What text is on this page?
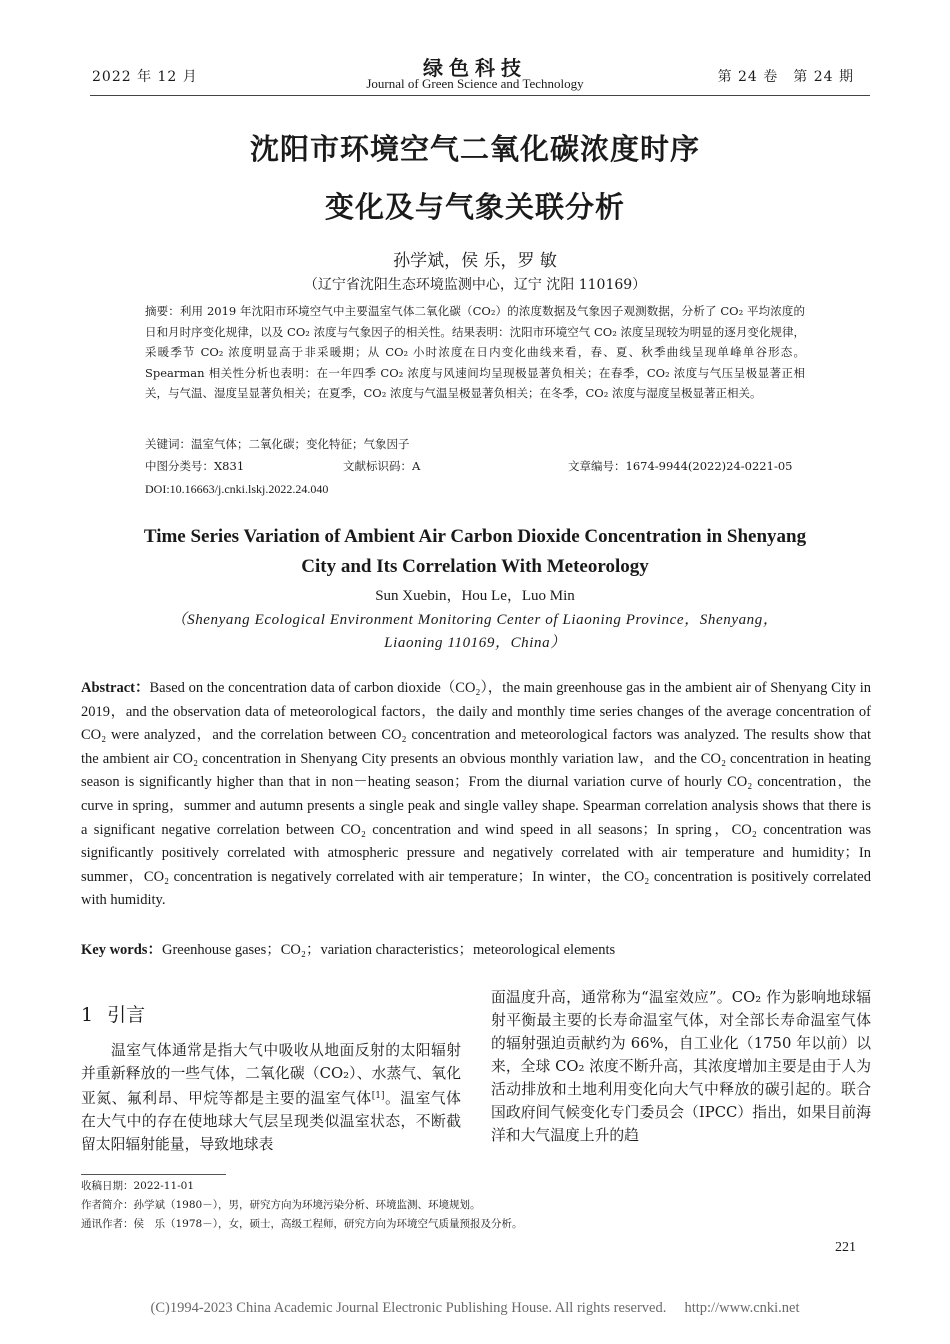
2022 年 12 月	绿色科技
Journal of Green Science and Technology	第 24 卷　第 24 期
沈阳市环境空气二氧化碳浓度时序
变化及与气象关联分析
孙学斌，侯 乐，罗 敏
（辽宁省沈阳生态环境监测中心，辽宁 沈阳 110169）

摘要：利用 2019 年沈阳市环境空气中主要温室气体二氧化碳（CO₂）的浓度数据及气象因子观测数据，分析了 CO₂ 平均浓度的日和月时序变化规律，以及 CO₂ 浓度与气象因子的相关性。结果表明：沈阳市环境空气 CO₂ 浓度呈现较为明显的逐月变化规律，采暖季节 CO₂ 浓度明显高于非采暖期；从 CO₂ 小时浓度在日内变化曲线来看，春、夏、秋季曲线呈现单峰单谷形态。Spearman 相关性分析也表明：在一年四季 CO₂ 浓度与风速间均呈现极显著负相关；在春季，CO₂ 浓度与气压呈极显著正相关，与气温、湿度呈显著负相关；在夏季，CO₂ 浓度与气温呈极显著负相关；在冬季，CO₂ 浓度与湿度呈极显著正相关。

关键词：温室气体；二氧化碳；变化特征；气象因子
中图分类号：X831	文献标识码：A	文章编号：1674-9944(2022)24-0221-05
DOI:10.16663/j.cnki.lskj.2022.24.040
Time Series Variation of Ambient Air Carbon Dioxide Concentration in Shenyang
City and Its Correlation With Meteorology
Sun Xuebin，Hou Le，Luo Min
（Shenyang Ecological Environment Monitoring Center of Liaoning Province，Shenyang，
Liaoning 110169，China）

Abstract：Based on the concentration data of carbon dioxide（CO₂），the main greenhouse gas in the ambient air of Shenyang City in 2019，and the observation data of meteorological factors，the daily and monthly time series changes of the average concentration of CO₂ were analyzed，and the correlation between CO₂ concentration and meteorological factors was analyzed. The results show that the ambient air CO₂ concentration in Shenyang City presents an obvious monthly variation law，and the CO₂ concentration in heating season is significantly higher than that in non－heating season；From the diurnal variation curve of hourly CO₂ concentration，the curve in spring，summer and autumn presents a single peak and single valley shape. Spearman correlation analysis shows that there is a significant negative correlation between CO₂ concentration and wind speed in all seasons；In spring，CO₂ concentration was significantly positively correlated with atmospheric pressure and negatively correlated with air temperature and humidity；In summer，CO₂ concentration is negatively correlated with air temperature；In winter，the CO₂ concentration is positively correlated with humidity.

Key words：Greenhouse gases；CO₂；variation characteristics；meteorological elements
1 引言

温室气体通常是指大气中吸收从地面反射的太阳辐射并重新释放的一些气体，二氧化碳（CO₂）、水蒸气、氧化亚氮、氟利昂、甲烷等都是主要的温室气体[1]。温室气体在大气中的存在使地球大气层呈现类似温室状态，不断截留太阳辐射能量，导致地球表

面温度升高，通常称为“温室效应”。CO₂ 作为影响地球辐射平衡最主要的长寿命温室气体，对全部长寿命温室气体的辐射强迫贡献约为 66%，自工业化（1750 年以前）以来，全球 CO₂ 浓度不断升高，其浓度增加主要是由于人为活动排放和土地利用变化向大气中释放的碳引起的。联合国政府间气候变化专门委员会（IPCC）指出，如果目前海洋和大气温度上升的趋

收稿日期：2022-11-01
作者简介：孙学斌（1980－），男，研究方向为环境污染分析、环境监测、环境规划。
通讯作者：侯　乐（1978－），女，硕士，高级工程师，研究方向为环境空气质量预报及分析。
221
(C)1994-2023 China Academic Journal Electronic Publishing House. All rights reserved.　 http://www.cnki.net
